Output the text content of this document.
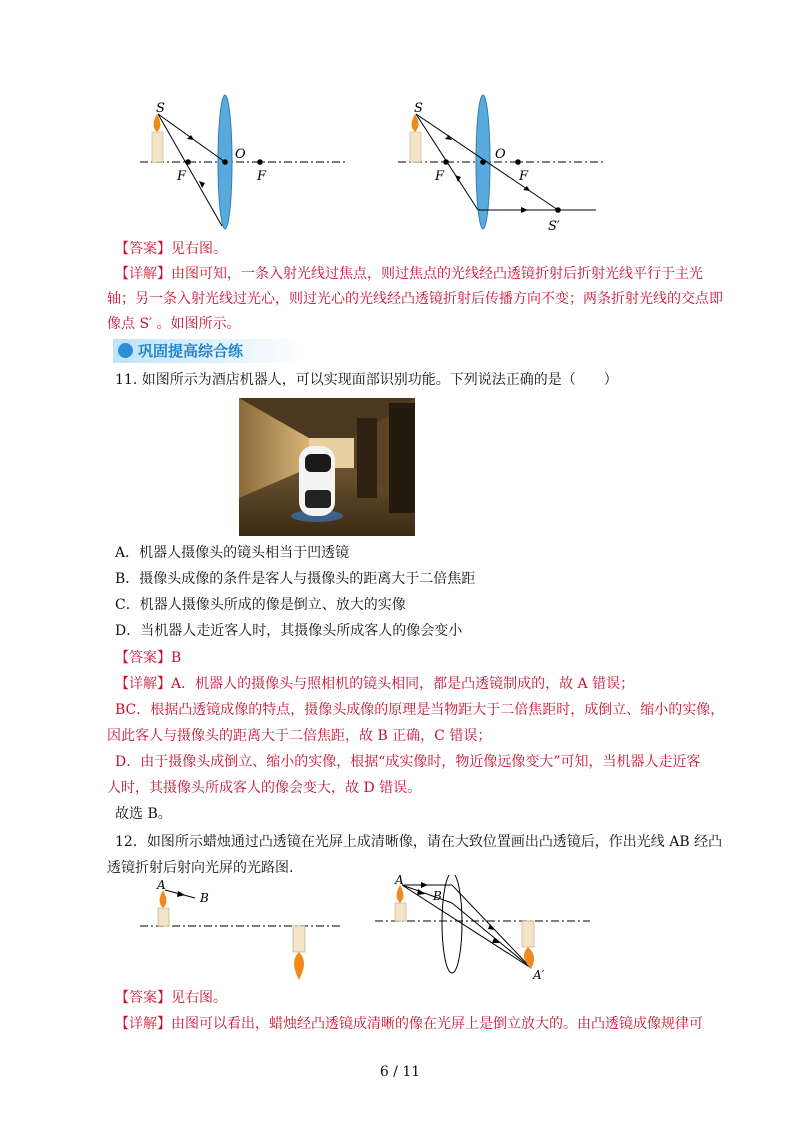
S
F
O
F
S
F
O
F
S′
【答案】见右图。
【详解】由图可知，一条入射光线过焦点，则过焦点的光线经凸透镜折射后折射光线平行于主光
轴；另一条入射光线过光心，则过光心的光线经凸透镜折射后传播方向不变；两条折射光线的交点即
像点 S′ 。如图所示。
巩固提高综合练
11. 如图所示为酒店机器人，可以实现面部识别功能。下列说法正确的是（　　）
A．机器人摄像头的镜头相当于凹透镜
B．摄像头成像的条件是客人与摄像头的距离大于二倍焦距
C．机器人摄像头所成的像是倒立、放大的实像
D．当机器人走近客人时，其摄像头所成客人的像会变小
【答案】B
【详解】A．机器人的摄像头与照相机的镜头相同，都是凸透镜制成的，故 A 错误；
BC．根据凸透镜成像的特点，摄像头成像的原理是当物距大于二倍焦距时，成倒立、缩小的实像，
因此客人与摄像头的距离大于二倍焦距，故 B 正确，C 错误；
D．由于摄像头成倒立、缩小的实像，根据“成实像时，物近像远像变大”可知，当机器人走近客
人时，其摄像头所成客人的像会变大，故 D 错误。
故选 B。
12．如图所示蜡烛通过凸透镜在光屏上成清晰像，请在大致位置画出凸透镜后，作出光线 AB 经凸
透镜折射后射向光屏的光路图.
A
B
A
B
A′
【答案】见右图。
【详解】由图可以看出，蜡烛经凸透镜成清晰的像在光屏上是倒立放大的。由凸透镜成像规律可
6 / 11
